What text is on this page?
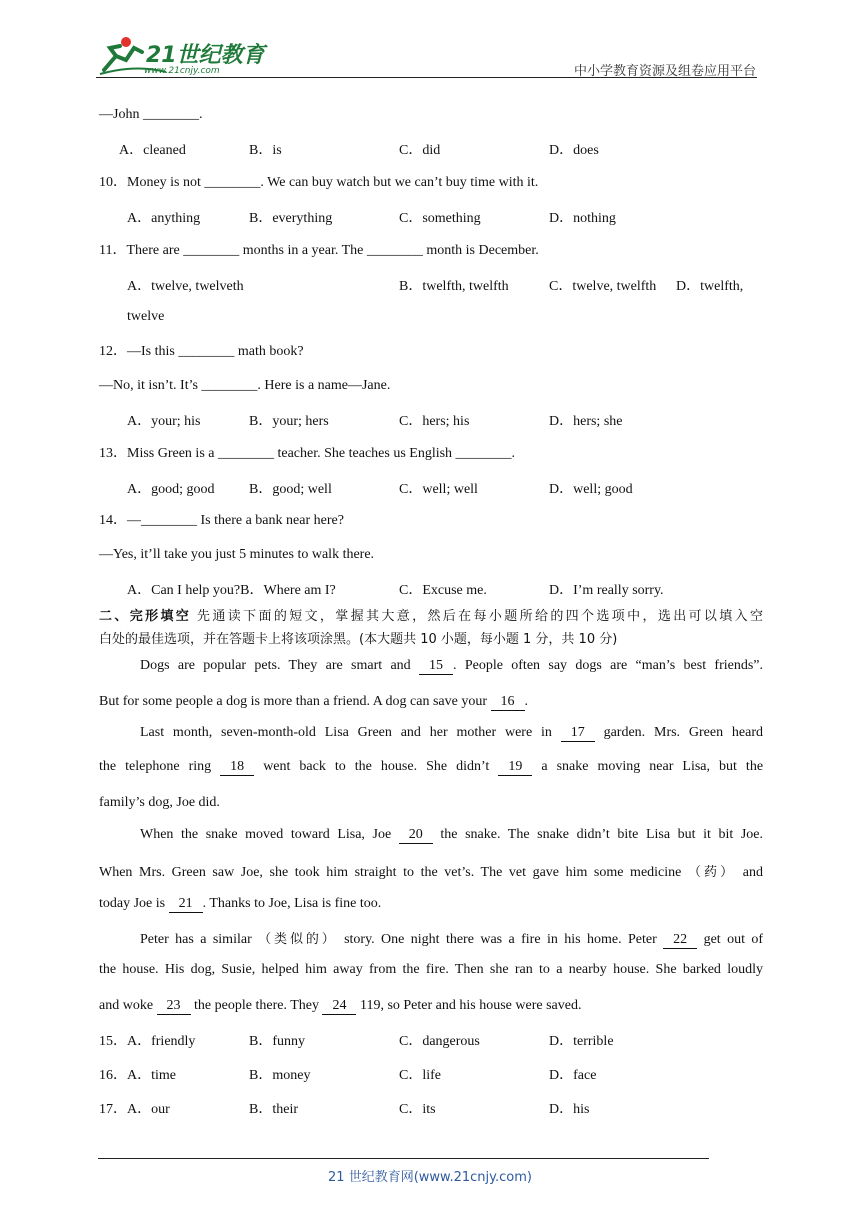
21世纪教育
www.21cnjy.com	中小学教育资源及组卷应用平台
—John ________.
A．cleaned	B．is	C．did	D．does
10．Money is not ________. We can buy watch but we can’t buy time with it.
A．anything	B．everything	C．something	D．nothing
11．There are ________ months in a year. The ________ month is December.
A．twelve, twelveth	B．twelfth, twelfth	C．twelve, twelfth D．twelfth,
twelve
12．—Is this ________ math book?
—No, it isn’t. It’s ________. Here is a name—Jane.
A．your; his	B．your; hers	C．hers; his	D．hers; she
13．Miss Green is a ________ teacher. She teaches us English ________.
A．good; good B．good; well	C．well; well	D．well; good
14．—________ Is there a bank near here?
—Yes, it’ll take you just 5 minutes to walk there.
A．Can I help you?B．Where am I?	C．Excuse me.	D．I’m really sorry.
二、完形填空 先通读下面的短文，掌握其大意，然后在每小题所给的四个选项中，选出可以填入空
白处的最佳选项，并在答题卡上将该项涂黑。(本大题共 10 小题，每小题 1 分，共 10 分)
Dogs are popular pets. They are smart and 15 . People often say dogs are “man’s best friends”.
But for some people a dog is more than a friend. A dog can save your 16 .
Last month, seven-month-old Lisa Green and her mother were in 17 garden. Mrs. Green heard
the telephone ring 18 went back to the house. She didn’t 19 a snake moving near Lisa, but the
family’s dog, Joe did.
When the snake moved toward Lisa, Joe 20 the snake. The snake didn’t bite Lisa but it bit Joe.
When Mrs. Green saw Joe, she took him straight to the vet’s. The vet gave him some medicine （药） and
today Joe is 21 . Thanks to Joe, Lisa is fine too.
Peter has a similar （类似的） story. One night there was a fire in his home. Peter 22 get out of
the house. His dog, Susie, helped him away from the fire. Then she ran to a nearby house. She barked loudly
and woke 23 the people there. They 24 119, so Peter and his house were saved.
15． A．friendly	B．funny	C．dangerous	D．terrible
16． A．time	B．money	C．life	D．face
17． A．our	B．their	C．its	D．his
21 世纪教育网(www.21cnjy.com)
